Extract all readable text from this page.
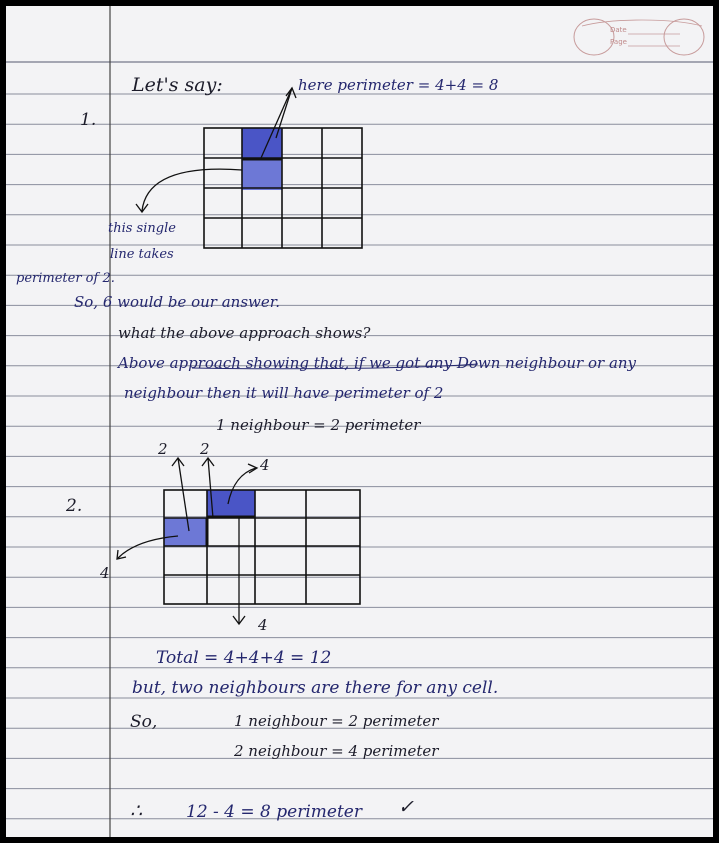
Date
Page
1.
Let's say:	here perimeter = 4+4 = 8
this single
line takes
perimeter of 2.
So, 6 would be our answer.
what the above approach shows?
Above approach showing that, if we got any Down neighbour or any
neighbour then it will have perimeter of 2
1 neighbour = 2 perimeter
2.
2 2
4
4
4
Total = 4+4+4 = 12
but, two neighbours are there for any cell.
So,	1 neighbour = 2 perimeter
2 neighbour = 4 perimeter
∴	12 - 4 = 8 perimeter ✓
